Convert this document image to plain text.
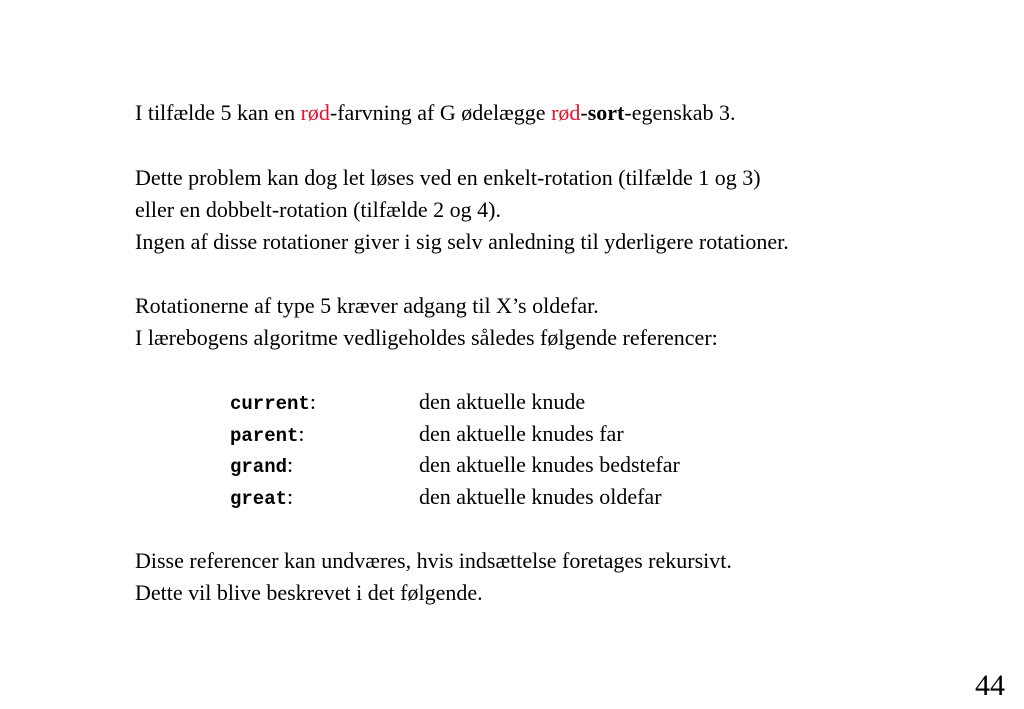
I tilfælde 5 kan en rød-farvning af G ødelægge rød-sort-egenskab 3.
Dette problem kan dog let løses ved en enkelt-rotation (tilfælde 1 og 3)
eller en dobbelt-rotation (tilfælde 2 og 4).
Ingen af disse rotationer giver i sig selv anledning til yderligere rotationer.
Rotationerne af type 5 kræver adgang til X’s oldefar.
I lærebogens algoritme vedligeholdes således følgende referencer:
current:	den aktuelle knude
parent:	den aktuelle knudes far
grand:	den aktuelle knudes bedstefar
great:	den aktuelle knudes oldefar
Disse referencer kan undværes, hvis indsættelse foretages rekursivt.
Dette vil blive beskrevet i det følgende.
44
